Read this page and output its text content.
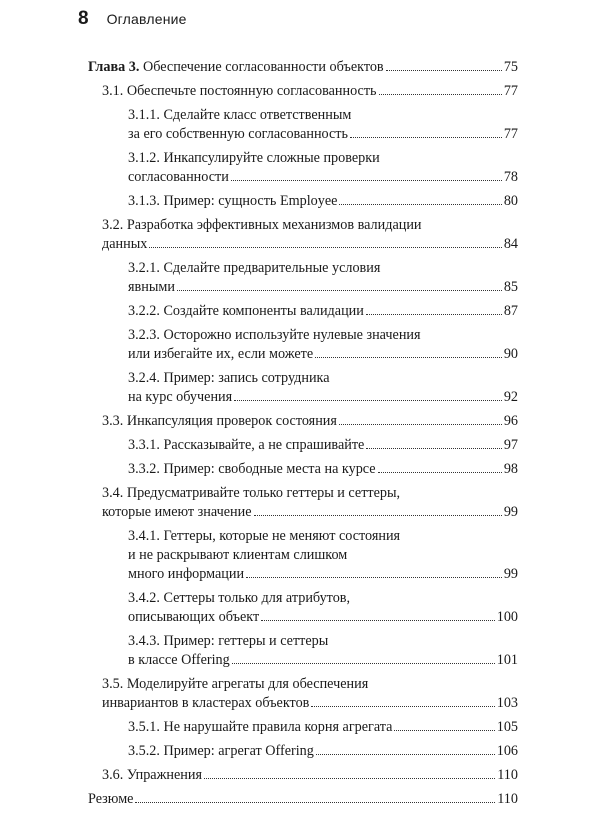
8 Оглавление
Глава 3. Обеспечение согласованности объектов	75
3.1. Обеспечьте постоянную согласованность	77
3.1.1. Сделайте класс ответственным
за его собственную согласованность	77
3.1.2. Инкапсулируйте сложные проверки
согласованности	78
3.1.3. Пример: сущность Employee	80
3.2. Разработка эффективных механизмов валидации
данных	84
3.2.1. Сделайте предварительные условия
явными	85
3.2.2. Создайте компоненты валидации	87
3.2.3. Осторожно используйте нулевые значения
или избегайте их, если можете	90
3.2.4. Пример: запись сотрудника
на курс обучения	92
3.3. Инкапсуляция проверок состояния	96
3.3.1. Рассказывайте, а не спрашивайте	97
3.3.2. Пример: свободные места на курсе	98
3.4. Предусматривайте только геттеры и сеттеры,
которые имеют значение	99
3.4.1. Геттеры, которые не меняют состояния
и не раскрывают клиентам слишком
много информации	99
3.4.2. Сеттеры только для атрибутов,
описывающих объект	100
3.4.3. Пример: геттеры и сеттеры
в классе Offering	101
3.5. Моделируйте агрегаты для обеспечения
инвариантов в кластерах объектов	103
3.5.1. Не нарушайте правила корня агрегата	105
3.5.2. Пример: агрегат Offering	106
3.6. Упражнения	110
Резюме	110
